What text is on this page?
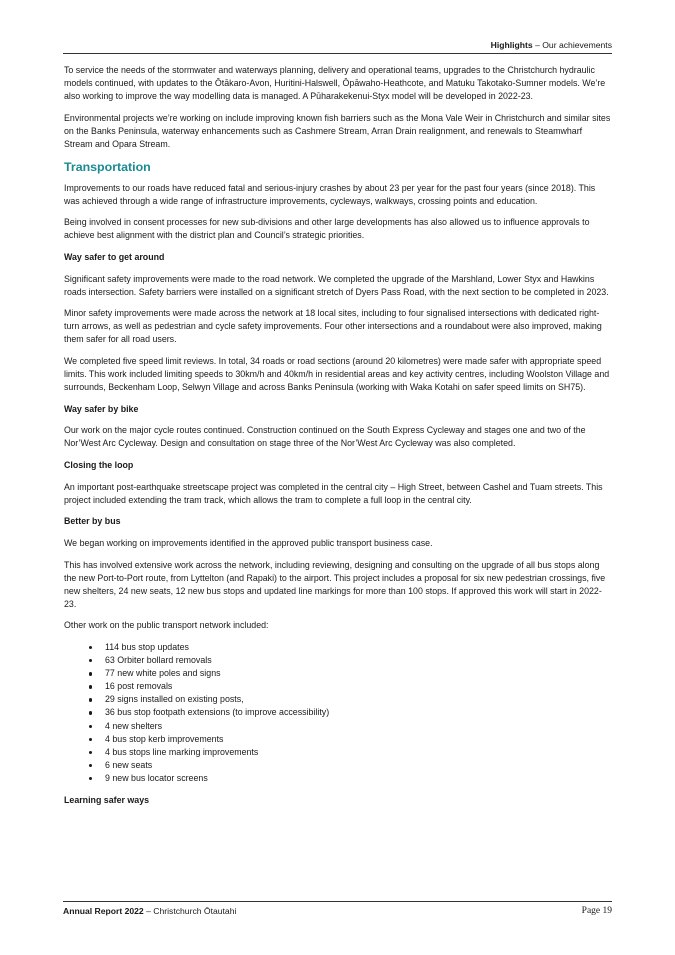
Highlights – Our achievements

To service the needs of the stormwater and waterways planning, delivery and operational teams, upgrades to the Christchurch hydraulic models continued, with updates to the Ōtākaro-Avon, Huritini-Halswell, Ōpāwaho-Heathcote, and Matuku Takotako-Sumner models. We’re also working to improve the way modelling data is managed. A Pūharakekenui-Styx model will be developed in 2022-23.

Environmental projects we’re working on include improving known fish barriers such as the Mona Vale Weir in Christchurch and similar sites on the Banks Peninsula, waterway enhancements such as Cashmere Stream, Arran Drain realignment, and renewals to Steamwharf Stream and Opara Stream.

Transportation

Improvements to our roads have reduced fatal and serious-injury crashes by about 23 per year for the past four years (since 2018). This was achieved through a wide range of infrastructure improvements, cycleways, walkways, crossing points and education.

Being involved in consent processes for new sub-divisions and other large developments has also allowed us to influence approvals to achieve best alignment with the district plan and Council’s strategic priorities.

Way safer to get around

Significant safety improvements were made to the road network. We completed the upgrade of the Marshland, Lower Styx and Hawkins roads intersection. Safety barriers were installed on a significant stretch of Dyers Pass Road, with the next section to be completed in 2023.

Minor safety improvements were made across the network at 18 local sites, including to four signalised intersections with dedicated right-turn arrows, as well as pedestrian and cycle safety improvements. Four other intersections and a roundabout were also improved, making them safer for all road users.

We completed five speed limit reviews. In total, 34 roads or road sections (around 20 kilometres) were made safer with appropriate speed limits. This work included limiting speeds to 30km/h and 40km/h in residential areas and key activity centres, including Woolston Village and surrounds, Beckenham Loop, Selwyn Village and across Banks Peninsula (working with Waka Kotahi on safer speed limits on SH75).

Way safer by bike

Our work on the major cycle routes continued. Construction continued on the South Express Cycleway and stages one and two of the Nor’West Arc Cycleway. Design and consultation on stage three of the Nor’West Arc Cycleway was also completed.

Closing the loop

An important post-earthquake streetscape project was completed in the central city – High Street, between Cashel and Tuam streets. This project included extending the tram track, which allows the tram to complete a full loop in the central city.

Better by bus

We began working on improvements identified in the approved public transport business case.

This has involved extensive work across the network, including reviewing, designing and consulting on the upgrade of all bus stops along the new Port-to-Port route, from Lyttelton (and Rapaki) to the airport. This project includes a proposal for six new pedestrian crossings, five new shelters, 24 new seats, 12 new bus stops and updated line markings for more than 100 stops. If approved this work will start in 2022-23.

Other work on the public transport network included:

114 bus stop updates
63 Orbiter bollard removals
77 new white poles and signs
16 post removals
29 signs installed on existing posts,
36 bus stop footpath extensions (to improve accessibility)
4 new shelters
4 bus stop kerb improvements
4 bus stops line marking improvements
6 new seats
9 new bus locator screens
Learning safer ways
Annual Report 2022 – Christchurch Ōtautahi	Page 19
